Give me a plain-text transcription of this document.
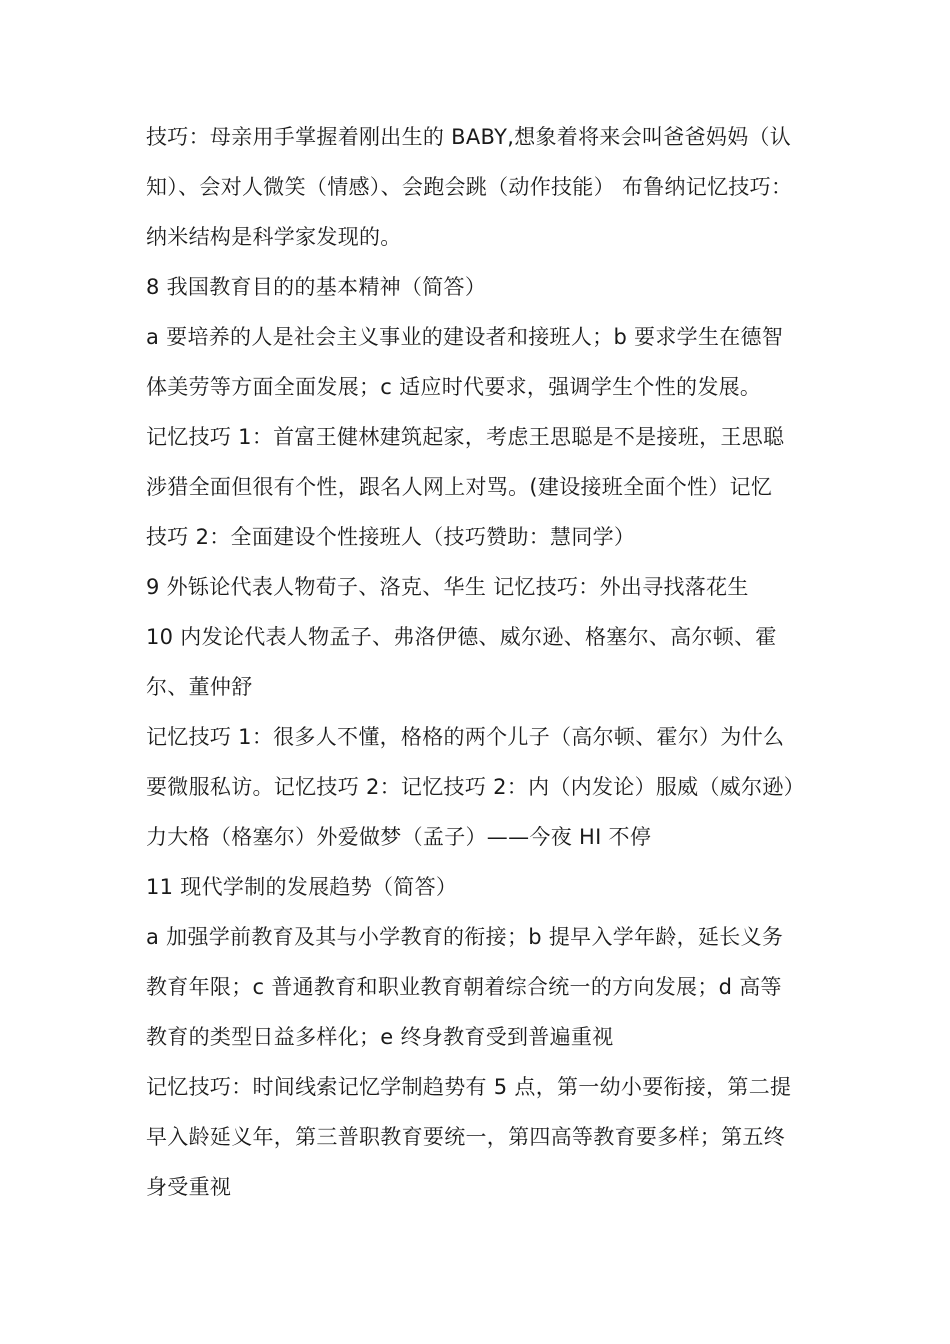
技巧：母亲用手掌握着刚出生的 BABY,想象着将来会叫爸爸妈妈（认

知）、会对人微笑（情感）、会跑会跳（动作技能） 布鲁纳记忆技巧：

纳米结构是科学家发现的。

8 我国教育目的的基本精神（简答）

a 要培养的人是社会主义事业的建设者和接班人；b 要求学生在德智

体美劳等方面全面发展；c 适应时代要求，强调学生个性的发展。

记忆技巧 1：首富王健林建筑起家，考虑王思聪是不是接班，王思聪

涉猎全面但很有个性，跟名人网上对骂。(建设接班全面个性）记忆

技巧 2：全面建设个性接班人（技巧赞助：慧同学）

9 外铄论代表人物荀子、洛克、华生 记忆技巧：外出寻找落花生

10 内发论代表人物孟子、弗洛伊德、威尔逊、格塞尔、高尔顿、霍

尔、董仲舒

记忆技巧 1：很多人不懂，格格的两个儿子（高尔顿、霍尔）为什么

要微服私访。记忆技巧 2：记忆技巧 2：内（内发论）服威（威尔逊）

力大格（格塞尔）外爱做梦（孟子）——今夜 HI 不停

11 现代学制的发展趋势（简答）

a 加强学前教育及其与小学教育的衔接；b 提早入学年龄，延长义务

教育年限；c 普通教育和职业教育朝着综合统一的方向发展；d 高等

教育的类型日益多样化；e 终身教育受到普遍重视

记忆技巧：时间线索记忆学制趋势有 5 点，第一幼小要衔接，第二提

早入龄延义年，第三普职教育要统一，第四高等教育要多样；第五终

身受重视
